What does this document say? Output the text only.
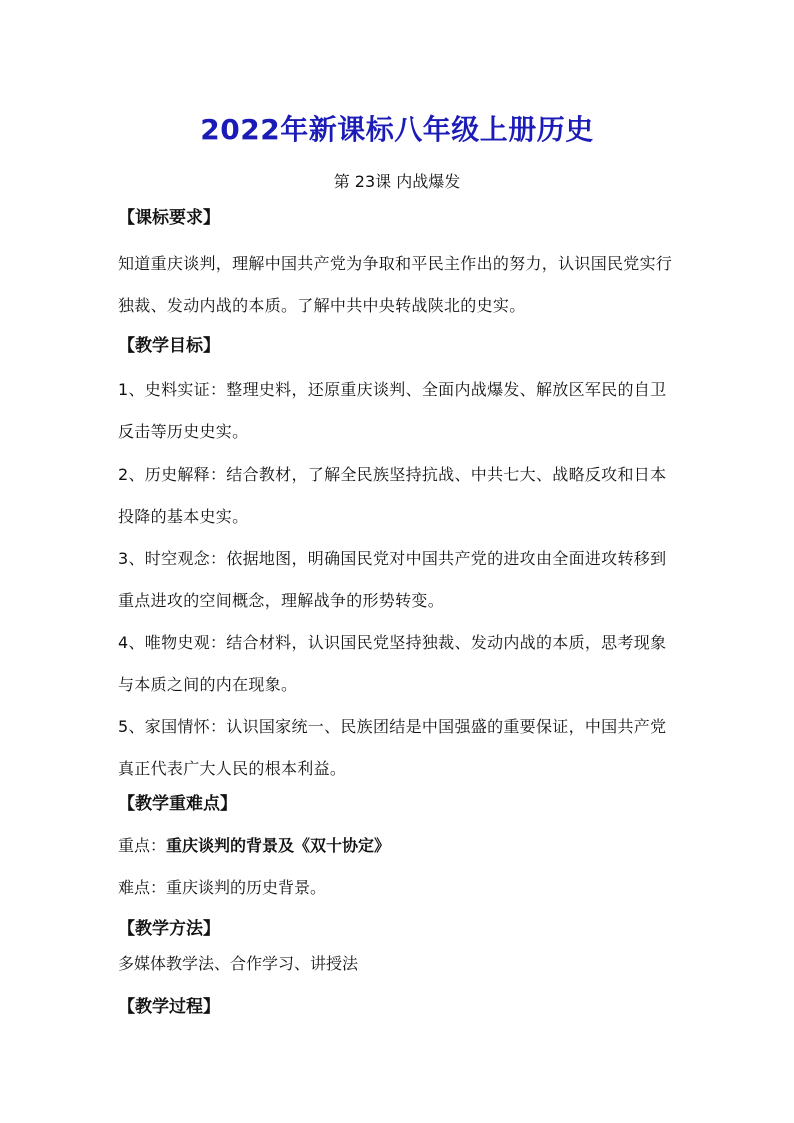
2022年新课标八年级上册历史
第 23课 内战爆发
【课标要求】
知道重庆谈判，理解中国共产党为争取和平民主作出的努力，认识国民党实行独裁、发动内战的本质。了解中共中央转战陕北的史实。
【教学目标】
1、史料实证：整理史料，还原重庆谈判、全面内战爆发、解放区军民的自卫反击等历史史实。
2、历史解释：结合教材，了解全民族坚持抗战、中共七大、战略反攻和日本投降的基本史实。
3、时空观念：依据地图，明确国民党对中国共产党的进攻由全面进攻转移到重点进攻的空间概念，理解战争的形势转变。
4、唯物史观：结合材料，认识国民党坚持独裁、发动内战的本质，思考现象与本质之间的内在现象。
5、家国情怀：认识国家统一、民族团结是中国强盛的重要保证，中国共产党真正代表广大人民的根本利益。
【教学重难点】
重点：重庆谈判的背景及《双十协定》
难点：重庆谈判的历史背景。
【教学方法】
多媒体教学法、合作学习、讲授法
【教学过程】
